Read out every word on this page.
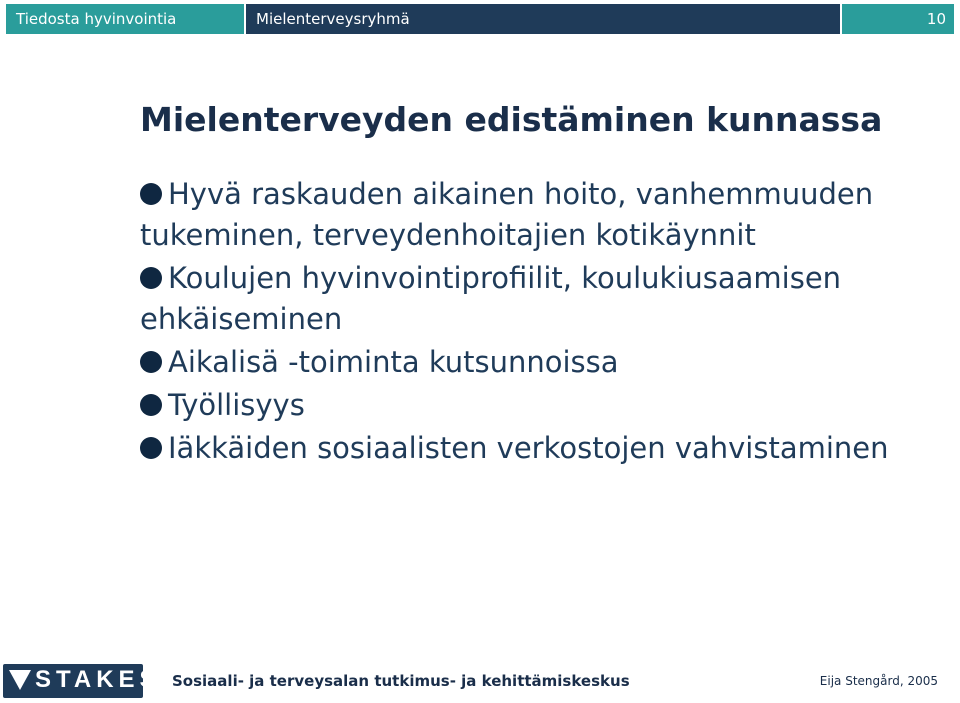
Tiedosta hyvinvointia	Mielenterveysryhmä	10
Mielenterveyden edistäminen kunnassa
Hyvä raskauden aikainen hoito, vanhemmuuden tukeminen, terveydenhoitajien kotikäynnit
Koulujen hyvinvointiprofiilit, koulukiusaamisen ehkäiseminen
Aikalisä -toiminta kutsunnoissa
Työllisyys
Iäkkäiden sosiaalisten verkostojen vahvistaminen
STAKES Sosiaali- ja terveysalan tutkimus- ja kehittämiskeskus	Eija Stengård, 2005
